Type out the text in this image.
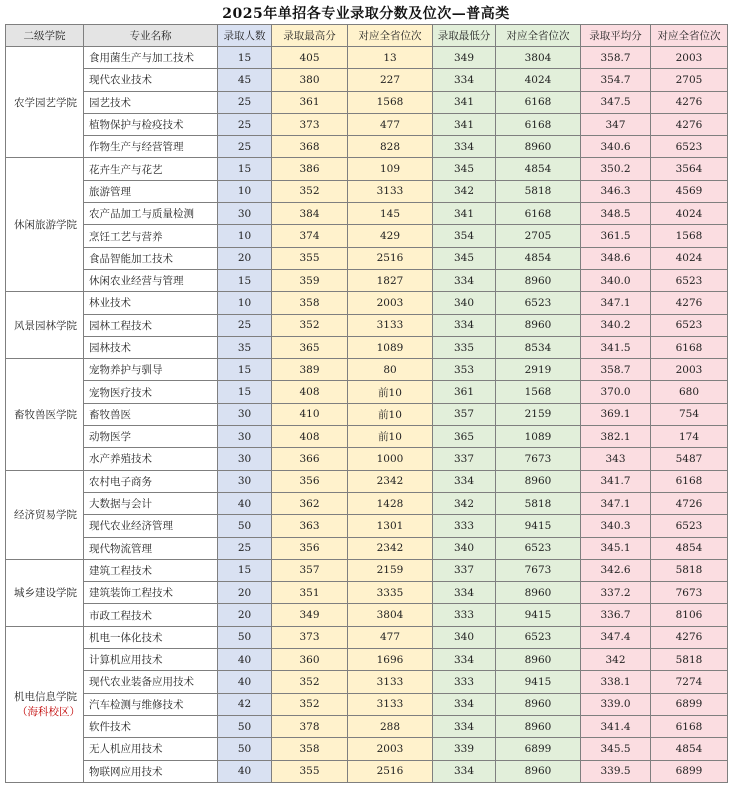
2025年单招各专业录取分数及位次—普高类
二级学院	专业名称	录取人数	录取最高分	对应全省位次	录取最低分	对应全省位次	录取平均分	对应全省位次

农学园艺学院	食用菌生产与加工技术	15	405	13	349	3804	358.7	2003
	现代农业技术	45	380	227	334	4024	354.7	2705
	园艺技术	25	361	1568	341	6168	347.5	4276
	植物保护与检疫技术	25	373	477	341	6168	347	4276
	作物生产与经营管理	25	368	828	334	8960	340.6	6523

休闲旅游学院	花卉生产与花艺	15	386	109	345	4854	350.2	3564
	旅游管理	10	352	3133	342	5818	346.3	4569
	农产品加工与质量检测	30	384	145	341	6168	348.5	4024
	烹饪工艺与营养	10	374	429	354	2705	361.5	1568
	食品智能加工技术	20	355	2516	345	4854	348.6	4024
	休闲农业经营与管理	15	359	1827	334	8960	340.0	6523

风景园林学院	林业技术	10	358	2003	340	6523	347.1	4276
	园林工程技术	25	352	3133	334	8960	340.2	6523
	园林技术	35	365	1089	335	8534	341.5	6168

畜牧兽医学院	宠物养护与驯导	15	389	80	353	2919	358.7	2003
	宠物医疗技术	15	408	前10	361	1568	370.0	680
	畜牧兽医	30	410	前10	357	2159	369.1	754
	动物医学	30	408	前10	365	1089	382.1	174
	水产养殖技术	30	366	1000	337	7673	343	5487

经济贸易学院	农村电子商务	30	356	2342	334	8960	341.7	6168
	大数据与会计	40	362	1428	342	5818	347.1	4726
	现代农业经济管理	50	363	1301	333	9415	340.3	6523
	现代物流管理	25	356	2342	340	6523	345.1	4854

城乡建设学院	建筑工程技术	15	357	2159	337	7673	342.6	5818
	建筑装饰工程技术	20	351	3335	334	8960	337.2	7673
	市政工程技术	20	349	3804	333	9415	336.7	8106

机电信息学院
（海科校区）	机电一体化技术	50	373	477	340	6523	347.4	4276
	计算机应用技术	40	360	1696	334	8960	342	5818
	现代农业装备应用技术	40	352	3133	333	9415	338.1	7274
	汽车检测与维修技术	42	352	3133	334	8960	339.0	6899
	软件技术	50	378	288	334	8960	341.4	6168
	无人机应用技术	50	358	2003	339	6899	345.5	4854
	物联网应用技术	40	355	2516	334	8960	339.5	6899
